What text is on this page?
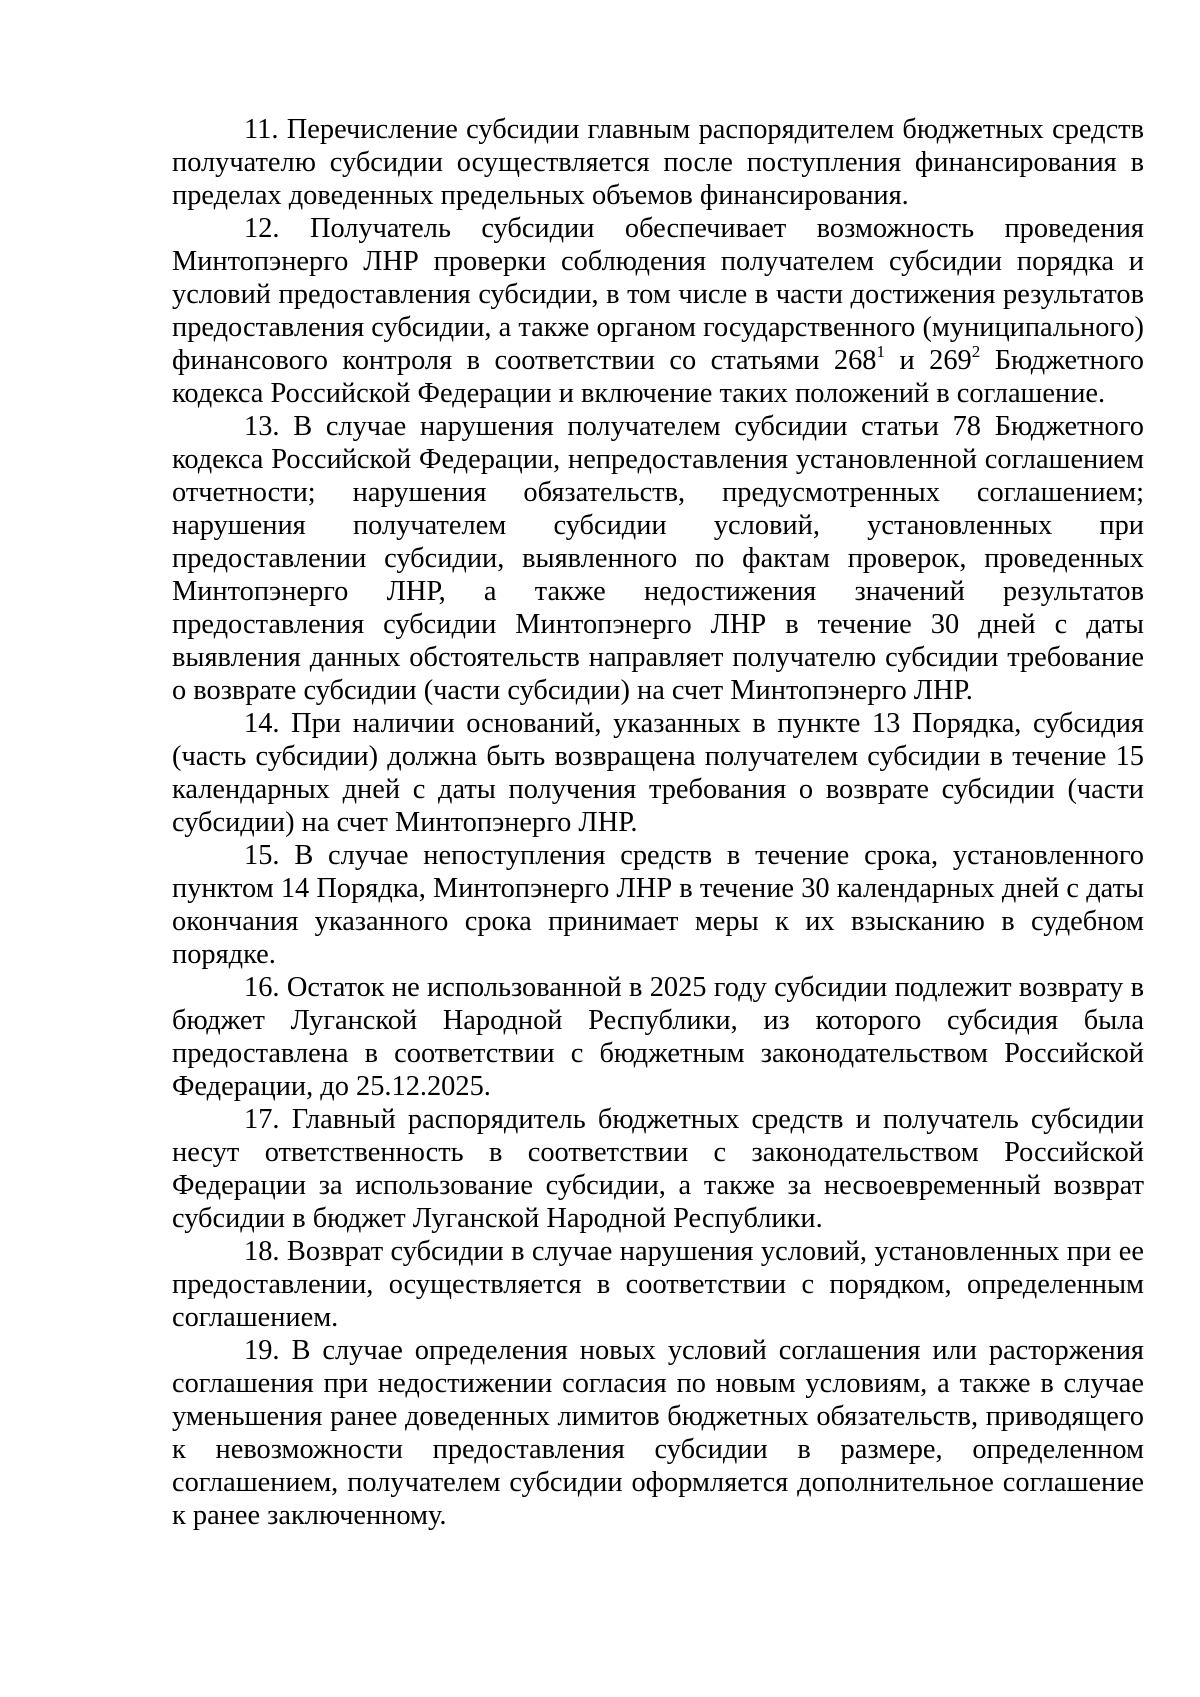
11. Перечисление субсидии главным распорядителем бюджетных средств получателю субсидии осуществляется после поступления финансирования в пределах доведенных предельных объемов финансирования.

12. Получатель субсидии обеспечивает возможность проведения Минтопэнерго ЛНР проверки соблюдения получателем субсидии порядка и условий предоставления субсидии, в том числе в части достижения результатов предоставления субсидии, а также органом государственного (муниципального) финансового контроля в соответствии со статьями $268^1$ и $269^2$ Бюджетного кодекса Российской Федерации и включение таких положений в соглашение.

13. В случае нарушения получателем субсидии статьи 78 Бюджетного кодекса Российской Федерации, непредоставления установленной соглашением отчетности; нарушения обязательств, предусмотренных соглашением; нарушения получателем субсидии условий, установленных при предоставлении субсидии, выявленного по фактам проверок, проведенных Минтопэнерго ЛНР, а также недостижения значений результатов предоставления субсидии Минтопэнерго ЛНР в течение 30 дней с даты выявления данных обстоятельств направляет получателю субсидии требование о возврате субсидии (части субсидии) на счет Минтопэнерго ЛНР.

14. При наличии оснований, указанных в пункте 13 Порядка, субсидия (часть субсидии) должна быть возвращена получателем субсидии в течение 15 календарных дней с даты получения требования о возврате субсидии (части субсидии) на счет Минтопэнерго ЛНР.

15. В случае непоступления средств в течение срока, установленного пунктом 14 Порядка, Минтопэнерго ЛНР в течение 30 календарных дней с даты окончания указанного срока принимает меры к их взысканию в судебном порядке.

16. Остаток не использованной в 2025 году субсидии подлежит возврату в бюджет Луганской Народной Республики, из которого субсидия была предоставлена в соответствии с бюджетным законодательством Российской Федерации, до 25.12.2025.

17. Главный распорядитель бюджетных средств и получатель субсидии несут ответственность в соответствии с законодательством Российской Федерации за использование субсидии, а также за несвоевременный возврат субсидии в бюджет Луганской Народной Республики.

18. Возврат субсидии в случае нарушения условий, установленных при ее предоставлении, осуществляется в соответствии с порядком, определенным соглашением.

19. В случае определения новых условий соглашения или расторжения соглашения при недостижении согласия по новым условиям, а также в случае уменьшения ранее доведенных лимитов бюджетных обязательств, приводящего к невозможности предоставления субсидии в размере, определенном соглашением, получателем субсидии оформляется дополнительное соглашение к ранее заключенному.
